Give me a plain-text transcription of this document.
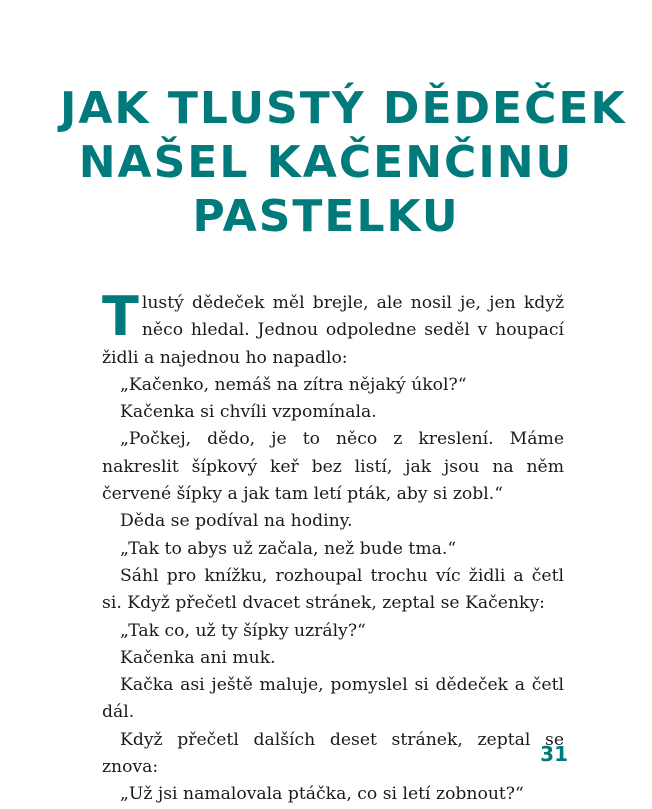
JAK TLUSTÝ DĚDEČEK
NAŠEL KAČENČINU
PASTELKU

Tlustý dědeček měl brejle, ale nosil je, jen když něco hledal. Jednou odpoledne seděl v houpací židli a najednou ho napadlo:

„Kačenko, nemáš na zítra nějaký úkol?“

Kačenka si chvíli vzpomínala.

„Počkej, dědo, je to něco z kreslení. Máme nakreslit šípkový keř bez listí, jak jsou na něm červené šípky a jak tam letí pták, aby si zobl.“

Děda se podíval na hodiny.

„Tak to abys už začala, než bude tma.“

Sáhl pro knížku, rozhoupal trochu víc židli a četl si. Když přečetl dvacet stránek, zeptal se Kačenky:

„Tak co, už ty šípky uzrály?“

Kačenka ani muk.

Kačka asi ještě maluje, pomyslel si dědeček a četl dál.

Když přečetl dalších deset stránek, zeptal se znova:

„Už jsi namalovala ptáčka, co si letí zobnout?“

31
